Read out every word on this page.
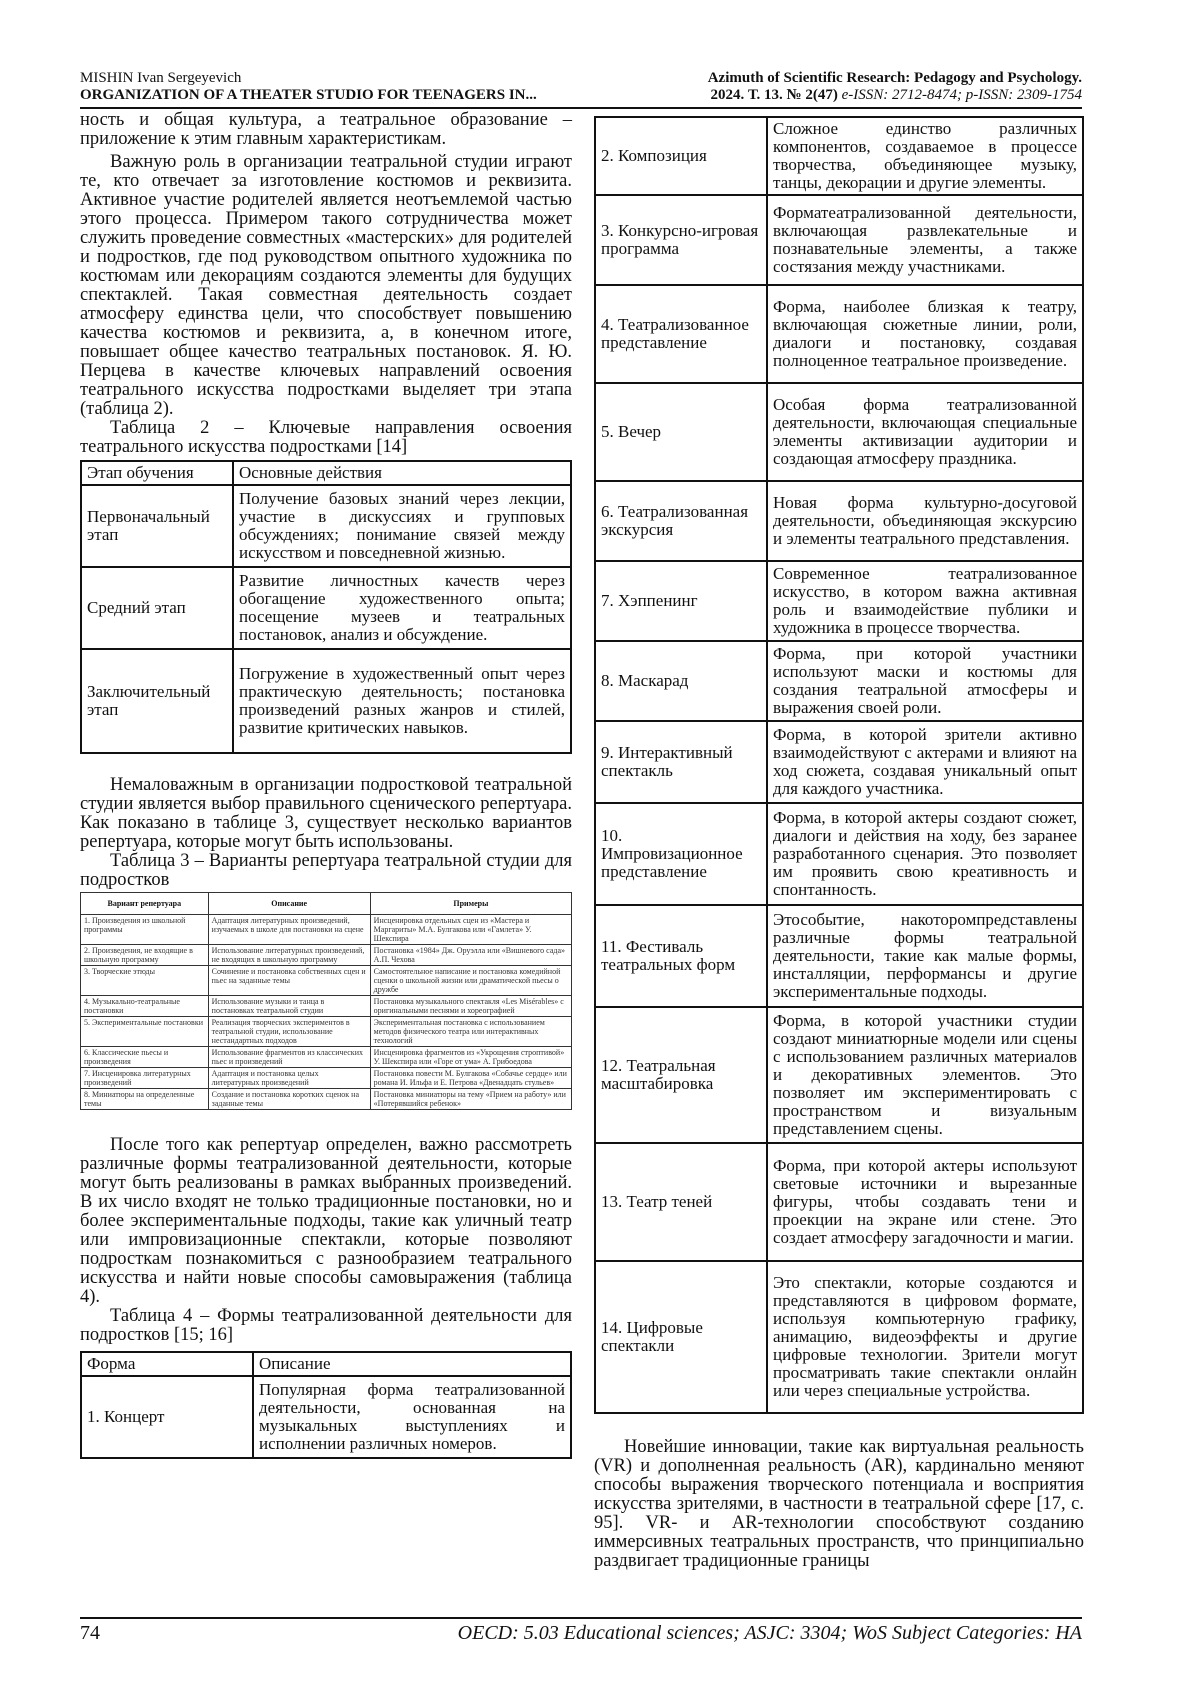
MISHIN Ivan Sergeyevich
ORGANIZATION OF A THEATER STUDIO FOR TEENAGERS IN...
Azimuth of Scientific Research: Pedagogy and Psychology.
2024. Т. 13. № 2(47) e-ISSN: 2712-8474; p-ISSN: 2309-1754

ность и общая культура, а театральное образование – приложение к этим главным характеристикам.

Важную роль в организации театральной студии играют те, кто отвечает за изготовление костюмов и реквизита. Активное участие родителей является неотъемлемой частью этого процесса. Примером такого сотрудничества может служить проведение совместных «мастерских» для родителей и подростков, где под руководством опытного художника по костюмам или декорациям создаются элементы для будущих спектаклей. Такая совместная деятельность создает атмосферу единства цели, что способствует повышению качества костюмов и реквизита, а, в конечном итоге, повышает общее качество театральных постановок. Я. Ю. Перцева в качестве ключевых направлений освоения театрального искусства подростками выделяет три этапа (таблица 2).

Таблица 2 – Ключевые направления освоения театрального искусства подростками [14]

Этап обучения	Основные действия
Первоначальный этап	Получение базовых знаний через лекции, участие в дискуссиях и групповых обсуждениях; понимание связей между искусством и повседневной жизнью.
Средний этап	Развитие личностных качеств через обогащение художественного опыта; посещение музеев и театральных постановок, анализ и обсуждение.
Заключительный этап	Погружение в художественный опыт через практическую деятельность; постановка произведений разных жанров и стилей, развитие критических навыков.

Немаловажным в организации подростковой театральной студии является выбор правильного сценического репертуара. Как показано в таблице 3, существует несколько вариантов репертуара, которые могут быть использованы.

Таблица 3 – Варианты репертуара театральной студии для подростков

Вариант репертуара	Описание	Примеры
1. Произведения из школьной программы	Адаптация литературных произведений, изучаемых в школе для постановки на сцене	Инсценировка отдельных сцен из «Мастера и Маргариты» М.А. Булгакова или «Гамлета» У. Шекспира
2. Произведения, не входящие в школьную программу	Использование литературных произведений, не входящих в школьную программу	Постановка «1984» Дж. Оруэлла или «Вишневого сада» А.П. Чехова
3. Творческие этюды	Сочинение и постановка собственных сцен и пьес на заданные темы	Самостоятельное написание и постановка комедийной сценки о школьной жизни или драматической пьесы о дружбе
4. Музыкально-театральные постановки	Использование музыки и танца в постановках театральной студии	Постановка музыкального спектакля «Les Misérables» с оригинальными песнями и хореографией
5. Экспериментальные постановки	Реализация творческих экспериментов в театральной студии, использование нестандартных подходов	Экспериментальная постановка с использованием методов физического театра или интерактивных технологий
6. Классические пьесы и произведения	Использование фрагментов из классических пьес и произведений	Инсценировка фрагментов из «Укрощения строптивой» У. Шекспира или «Горе от ума» А. Грибоедова
7. Инсценировка литературных произведений	Адаптация и постановка целых литературных произведений	Постановка повести М. Булгакова «Собачье сердце» или романа И. Ильфа и Е. Петрова «Двенадцать стульев»
8. Миниатюры на определенные темы	Создание и постановка коротких сценок на заданные темы	Постановка миниатюры на тему «Прием на работу» или «Потерявшийся ребенок»

После того как репертуар определен, важно рассмотреть различные формы театрализованной деятельности, которые могут быть реализованы в рамках выбранных произведений. В их число входят не только традиционные постановки, но и более экспериментальные подходы, такие как уличный театр или импровизационные спектакли, которые позволяют подросткам познакомиться с разнообразием театрального искусства и найти новые способы самовыражения (таблица 4).

Таблица 4 – Формы театрализованной деятельности для подростков [15; 16]

Форма	Описание
1. Концерт	Популярная форма театрализованной деятельности, основанная на музыкальных выступлениях и исполнении различных номеров.
2. Композиция	Сложное единство различных компонентов, создаваемое в процессе творчества, объединяющее музыку, танцы, декорации и другие элементы.
3. Конкурсно-игровая программа	Форматеатрализованной деятельности, включающая развлекательные и познавательные элементы, а также состязания между участниками.
4. Театрализованное представление	Форма, наиболее близкая к театру, включающая сюжетные линии, роли, диалоги и постановку, создавая полноценное театральное произведение.
5. Вечер	Особая форма театрализованной деятельности, включающая специальные элементы активизации аудитории и создающая атмосферу праздника.
6. Театрализованная экскурсия	Новая форма культурно-досуговой деятельности, объединяющая экскурсию и элементы театрального представления.
7. Хэппенинг	Современное театрализованное искусство, в котором важна активная роль и взаимодействие публики и художника в процессе творчества.
8. Маскарад	Форма, при которой участники используют маски и костюмы для создания театральной атмосферы и выражения своей роли.
9. Интерактивный спектакль	Форма, в которой зрители активно взаимодействуют с актерами и влияют на ход сюжета, создавая уникальный опыт для каждого участника.
10. Импровизационное представление	Форма, в которой актеры создают сюжет, диалоги и действия на ходу, без заранее разработанного сценария. Это позволяет им проявить свою креативность и спонтанность.
11. Фестиваль театральных форм	Этособытие, накоторомпредставлены различные формы театральной деятельности, такие как малые формы, инсталляции, перформансы и другие экспериментальные подходы.
12. Театральная масштабировка	Форма, в которой участники студии создают миниатюрные модели или сцены с использованием различных материалов и декоративных элементов. Это позволяет им экспериментировать с пространством и визуальным представлением сцены.
13. Театр теней	Форма, при которой актеры используют световые источники и вырезанные фигуры, чтобы создавать тени и проекции на экране или стене. Это создает атмосферу загадочности и магии.
14. Цифровые спектакли	Это спектакли, которые создаются и представляются в цифровом формате, используя компьютерную графику, анимацию, видеоэффекты и другие цифровые технологии. Зрители могут просматривать такие спектакли онлайн или через специальные устройства.

Новейшие инновации, такие как виртуальная реальность (VR) и дополненная реальность (AR), кардинально меняют способы выражения творческого потенциала и восприятия искусства зрителями, в частности в театральной сфере [17, с. 95]. VR- и AR-технологии способствуют созданию иммерсивных театральных пространств, что принципиально раздвигает традиционные границы

74	OECD: 5.03 Educational sciences; ASJC: 3304; WoS Subject Categories: HA
